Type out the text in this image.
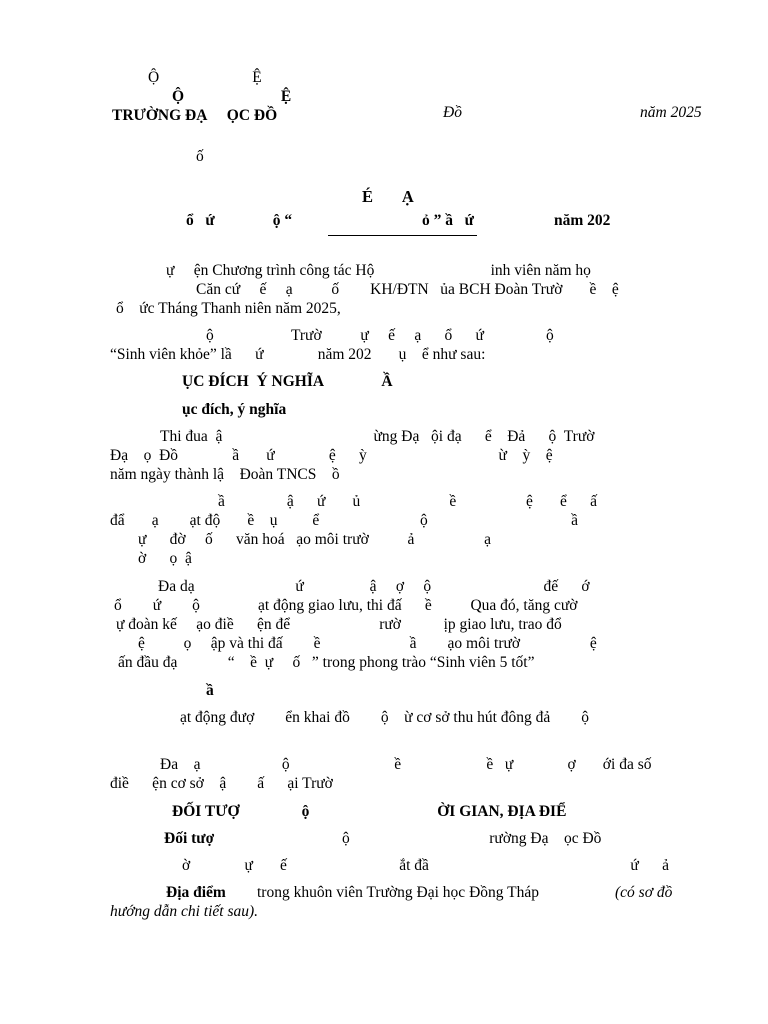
Ộ                        Ệ
Ộ                         Ệ
TRƯỜNG ĐẠ     ỌC ĐỒ	Đồ	năm 2025
ố
É       Ạ
ổ   ứ               ộ “	ỏ ” ầ   ứ	năm 202
ự     ện Chương trình công tác Hộ                              inh viên năm họ
Căn cứ     ế     ạ          ố        KH/ĐTN   ủa BCH Đoàn Trườ       ề    ệ
ổ    ức Tháng Thanh niên năm 2025,
ộ                    Trườ          ự     ế     ạ      ổ      ứ                ộ
“Sinh viên khỏe” lầ      ứ              năm 202       ụ    ể như sau:
ỤC ĐÍCH  Ý NGHĨA               Ầ
ục đích, ý nghĩa
Thi đua  ậ                                       ừng Đạ   ội đạ      ể    Đả      ộ  Trườ
Đạ    ọ  Đồ              ầ       ứ              ệ      ỳ                                  ừ    ỳ    ệ
năm ngày thành lậ    Đoàn TNCS    ồ
ầ                ậ      ứ       ủ                       ề                  ệ       ể      ấ
đẩ       ạ        ạt độ       ề    ụ         ể                          ộ                                     ầ
ự      đờ     ố      văn hoá   ạo môi trườ          ả                  ạ
ờ      ọ  ậ
Đa dạ                          ứ                 ậ     ợ     ộ                             đế      ớ
ổ        ứ        ộ               ạt động giao lưu, thi đấ      ề          Qua đó, tăng cườ
ự đoàn kế     ạo điề      ện để                       rườ           ịp giao lưu, trao đổ
ệ          ọ     ập và thi đấ        ề                       ầ        ạo môi trườ                  ệ
ấn đầu đạ             “    ề  ự     ố   ” trong phong trào “Sinh viên 5 tốt”
ầ
ạt động đượ        ển khai đồ        ộ    ừ cơ sở thu hút đông đả        ộ
Đa    ạ                     ộ                           ề                      ề   ự              ợ       ới đa số
điề      ện cơ sở    ậ        ấ      ại Trườ
ĐỐI TƯỢ                ộ                                 ỜI GIAN, ĐỊA ĐIỂ
Đối tượ	ộ                                    rường Đạ    ọc Đồ
ờ              ự       ế                             ắt đầ                                                    ứ      ả
Địa điểm trong khuôn viên Trường Đại học Đồng Tháp	(có sơ đồ
hướng dẫn chi tiết sau).
